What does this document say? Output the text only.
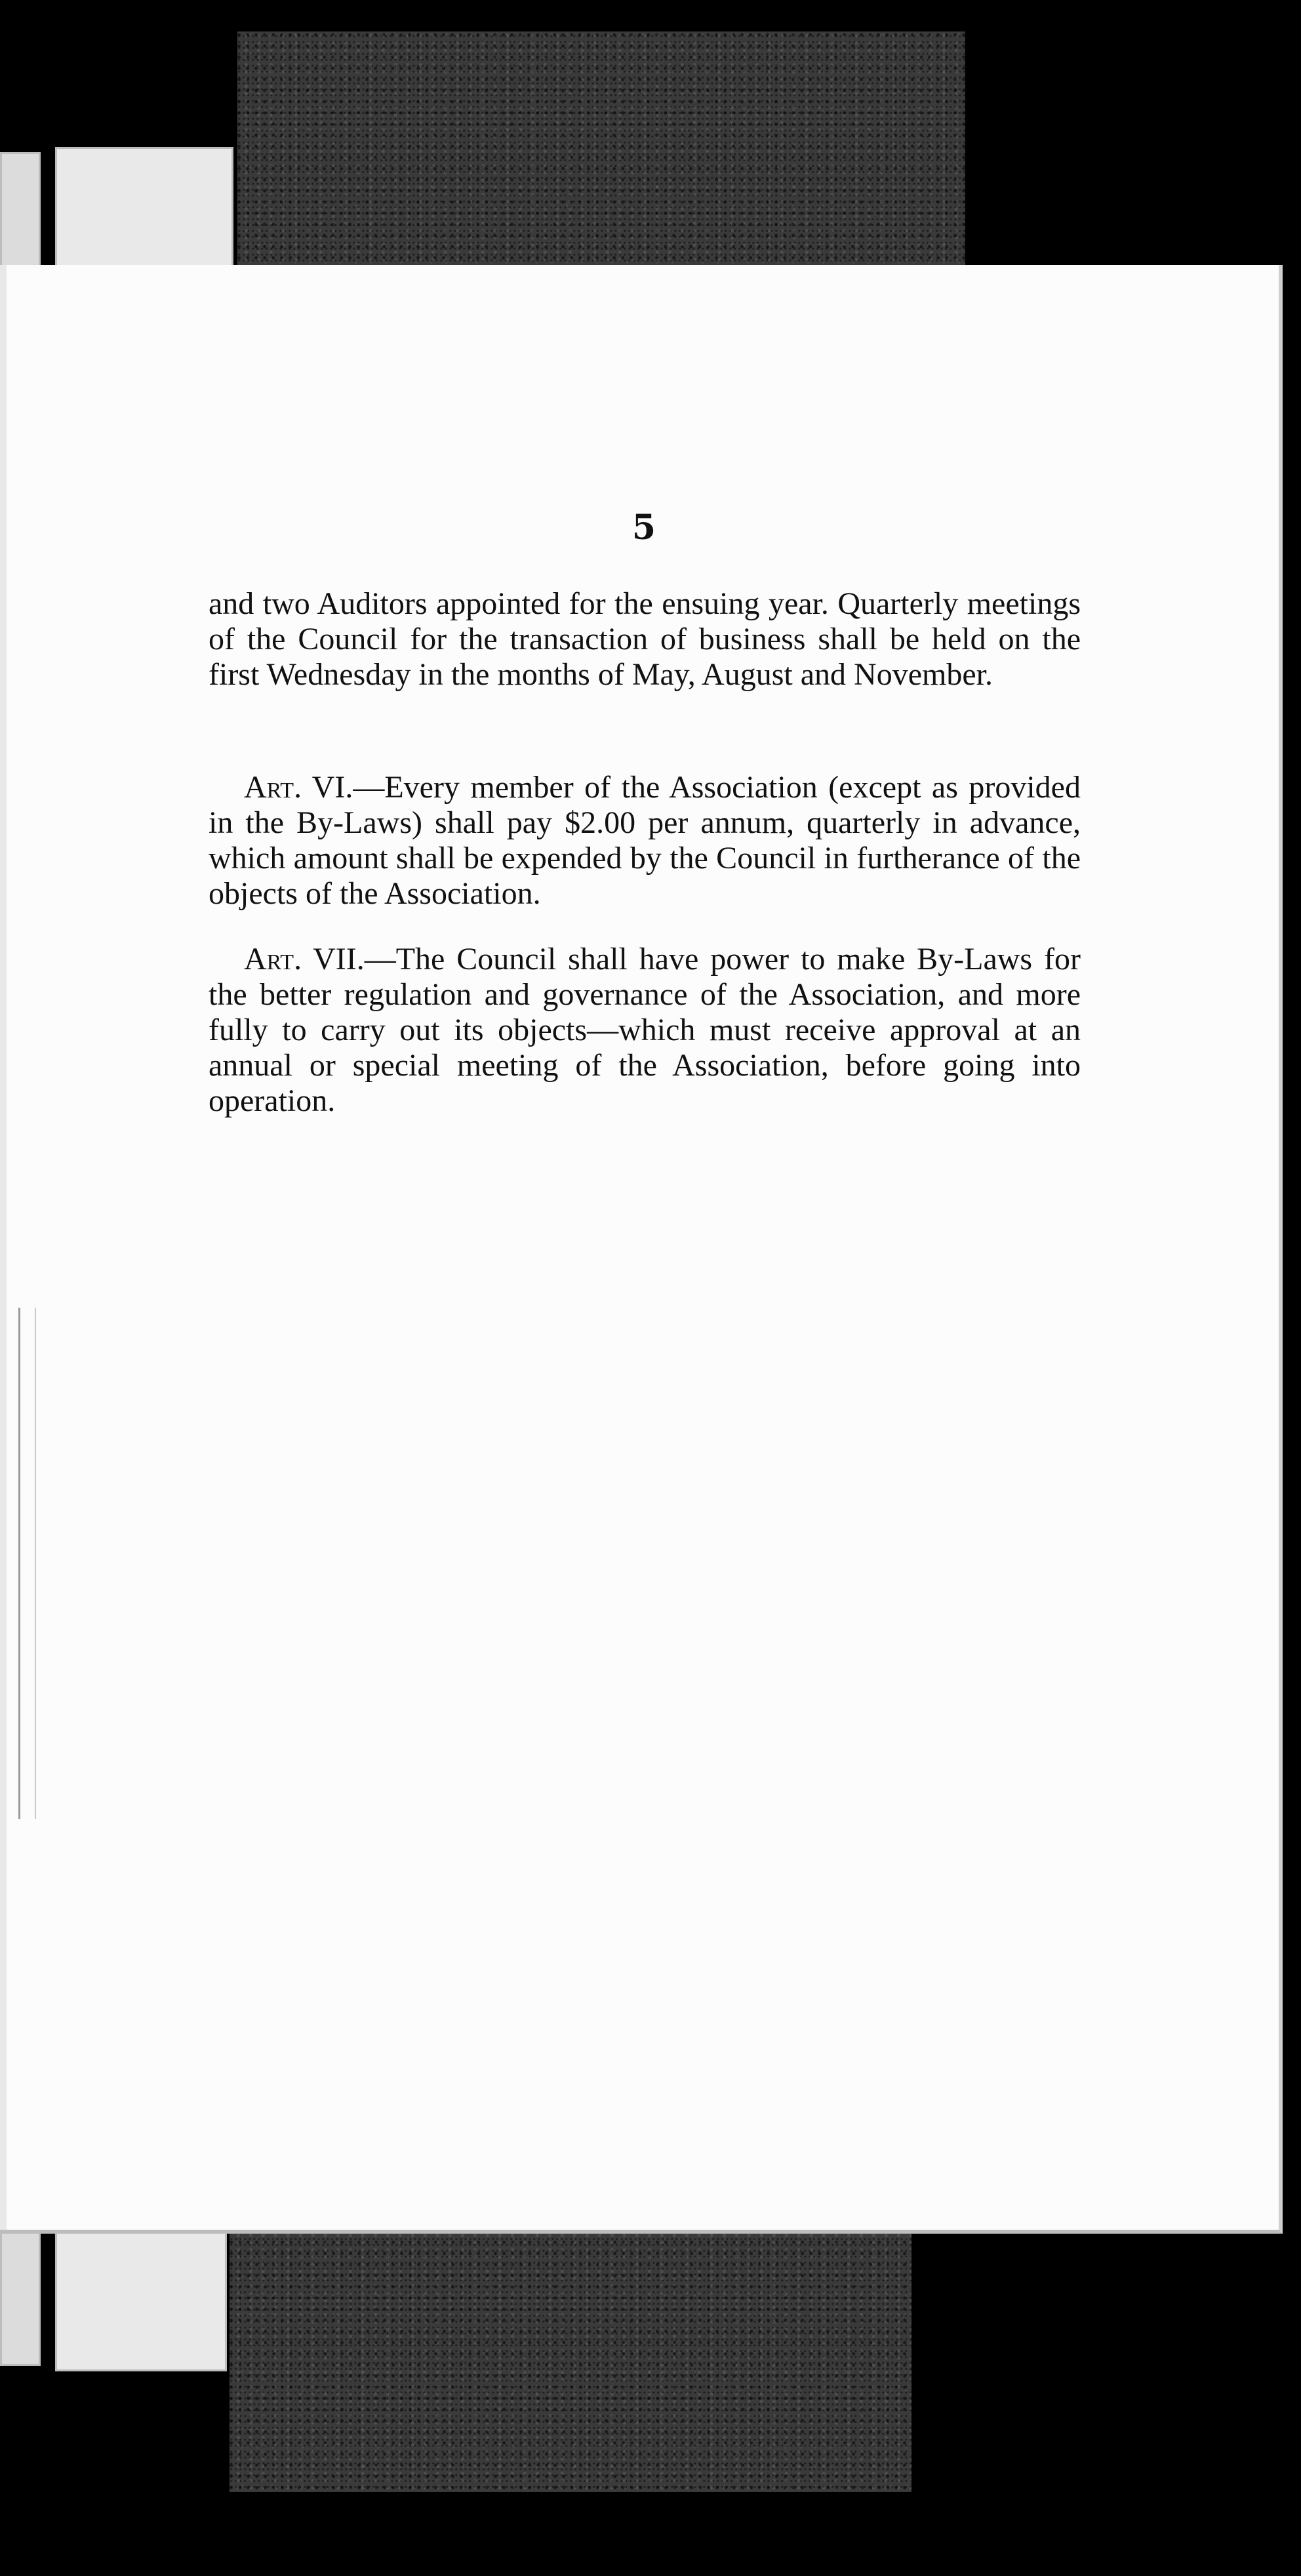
5

and two Auditors appointed for the ensuing year. Quarterly meetings of the Council for the transaction of business shall be held on the first Wednesday in the months of May, August and November.

Art. VI.—Every member of the Association (except as provided in the By-Laws) shall pay $2.00 per annum, quarterly in advance, which amount shall be expended by the Council in furtherance of the objects of the Association.

Art. VII.—The Council shall have power to make By-Laws for the better regulation and governance of the Association, and more fully to carry out its objects—which must receive approval at an annual or special meeting of the Association, before going into operation.
